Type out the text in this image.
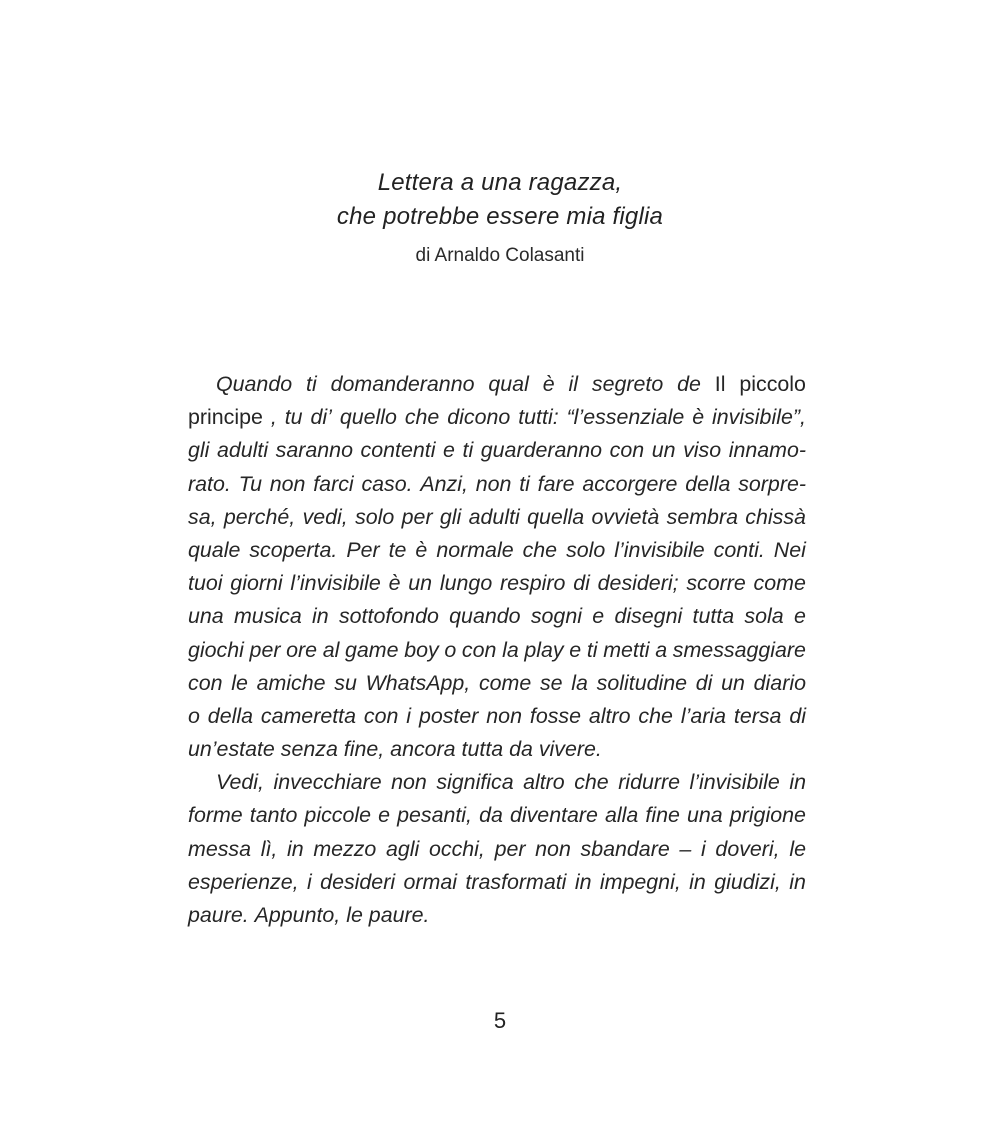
Lettera a una ragazza,
che potrebbe essere mia figlia
di Arnaldo Colasanti
Quando ti domanderanno qual è il segreto de Il piccolo
principe , tu di’ quello che dicono tutti: “l’essenziale è invisibile”,
gli adulti saranno contenti e ti guarderanno con un viso innamo-
rato. Tu non farci caso. Anzi, non ti fare accorgere della sorpre-
sa, perché, vedi, solo per gli adulti quella ovvietà sembra chissà
quale scoperta. Per te è normale che solo l’invisibile conti. Nei
tuoi giorni l’invisibile è un lungo respiro di desideri; scorre come
una musica in sottofondo quando sogni e disegni tutta sola e
giochi per ore al game boy o con la play e ti metti a smessaggiare
con le amiche su WhatsApp, come se la solitudine di un diario
o della cameretta con i poster non fosse altro che l’aria tersa di
un’estate senza fine, ancora tutta da vivere.
Vedi, invecchiare non significa altro che ridurre l’invisibile in
forme tanto piccole e pesanti, da diventare alla fine una prigione
messa lì, in mezzo agli occhi, per non sbandare – i doveri, le
esperienze, i desideri ormai trasformati in impegni, in giudizi, in
paure. Appunto, le paure.
5
